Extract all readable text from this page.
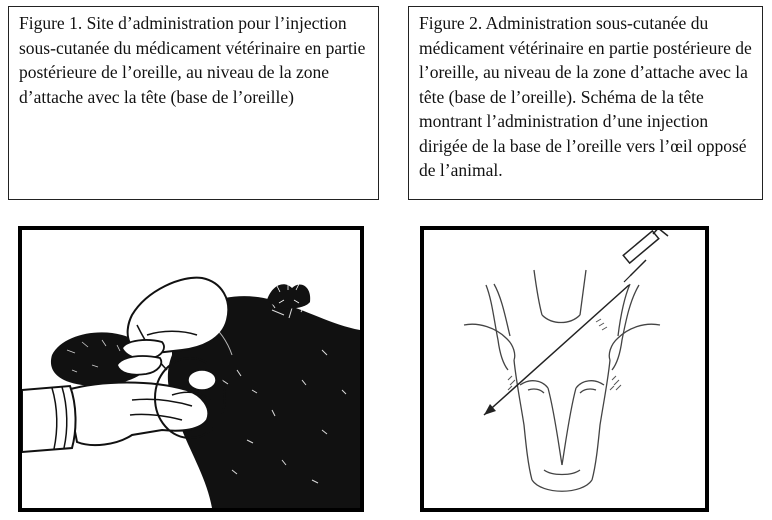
Figure 1. Site d’administration pour l’injection sous-cutanée du médicament vétérinaire en partie postérieure de l’oreille, au niveau de la zone d’attache avec la tête (base de l’oreille)

Figure 2. Administration sous-cutanée du médicament vétérinaire en partie postérieure de l’oreille, au niveau de la zone d’attache avec la tête (base de l’oreille). Schéma de la tête montrant l’administration d’une injection dirigée de la base de l’oreille vers l’œil opposé de l’animal.
